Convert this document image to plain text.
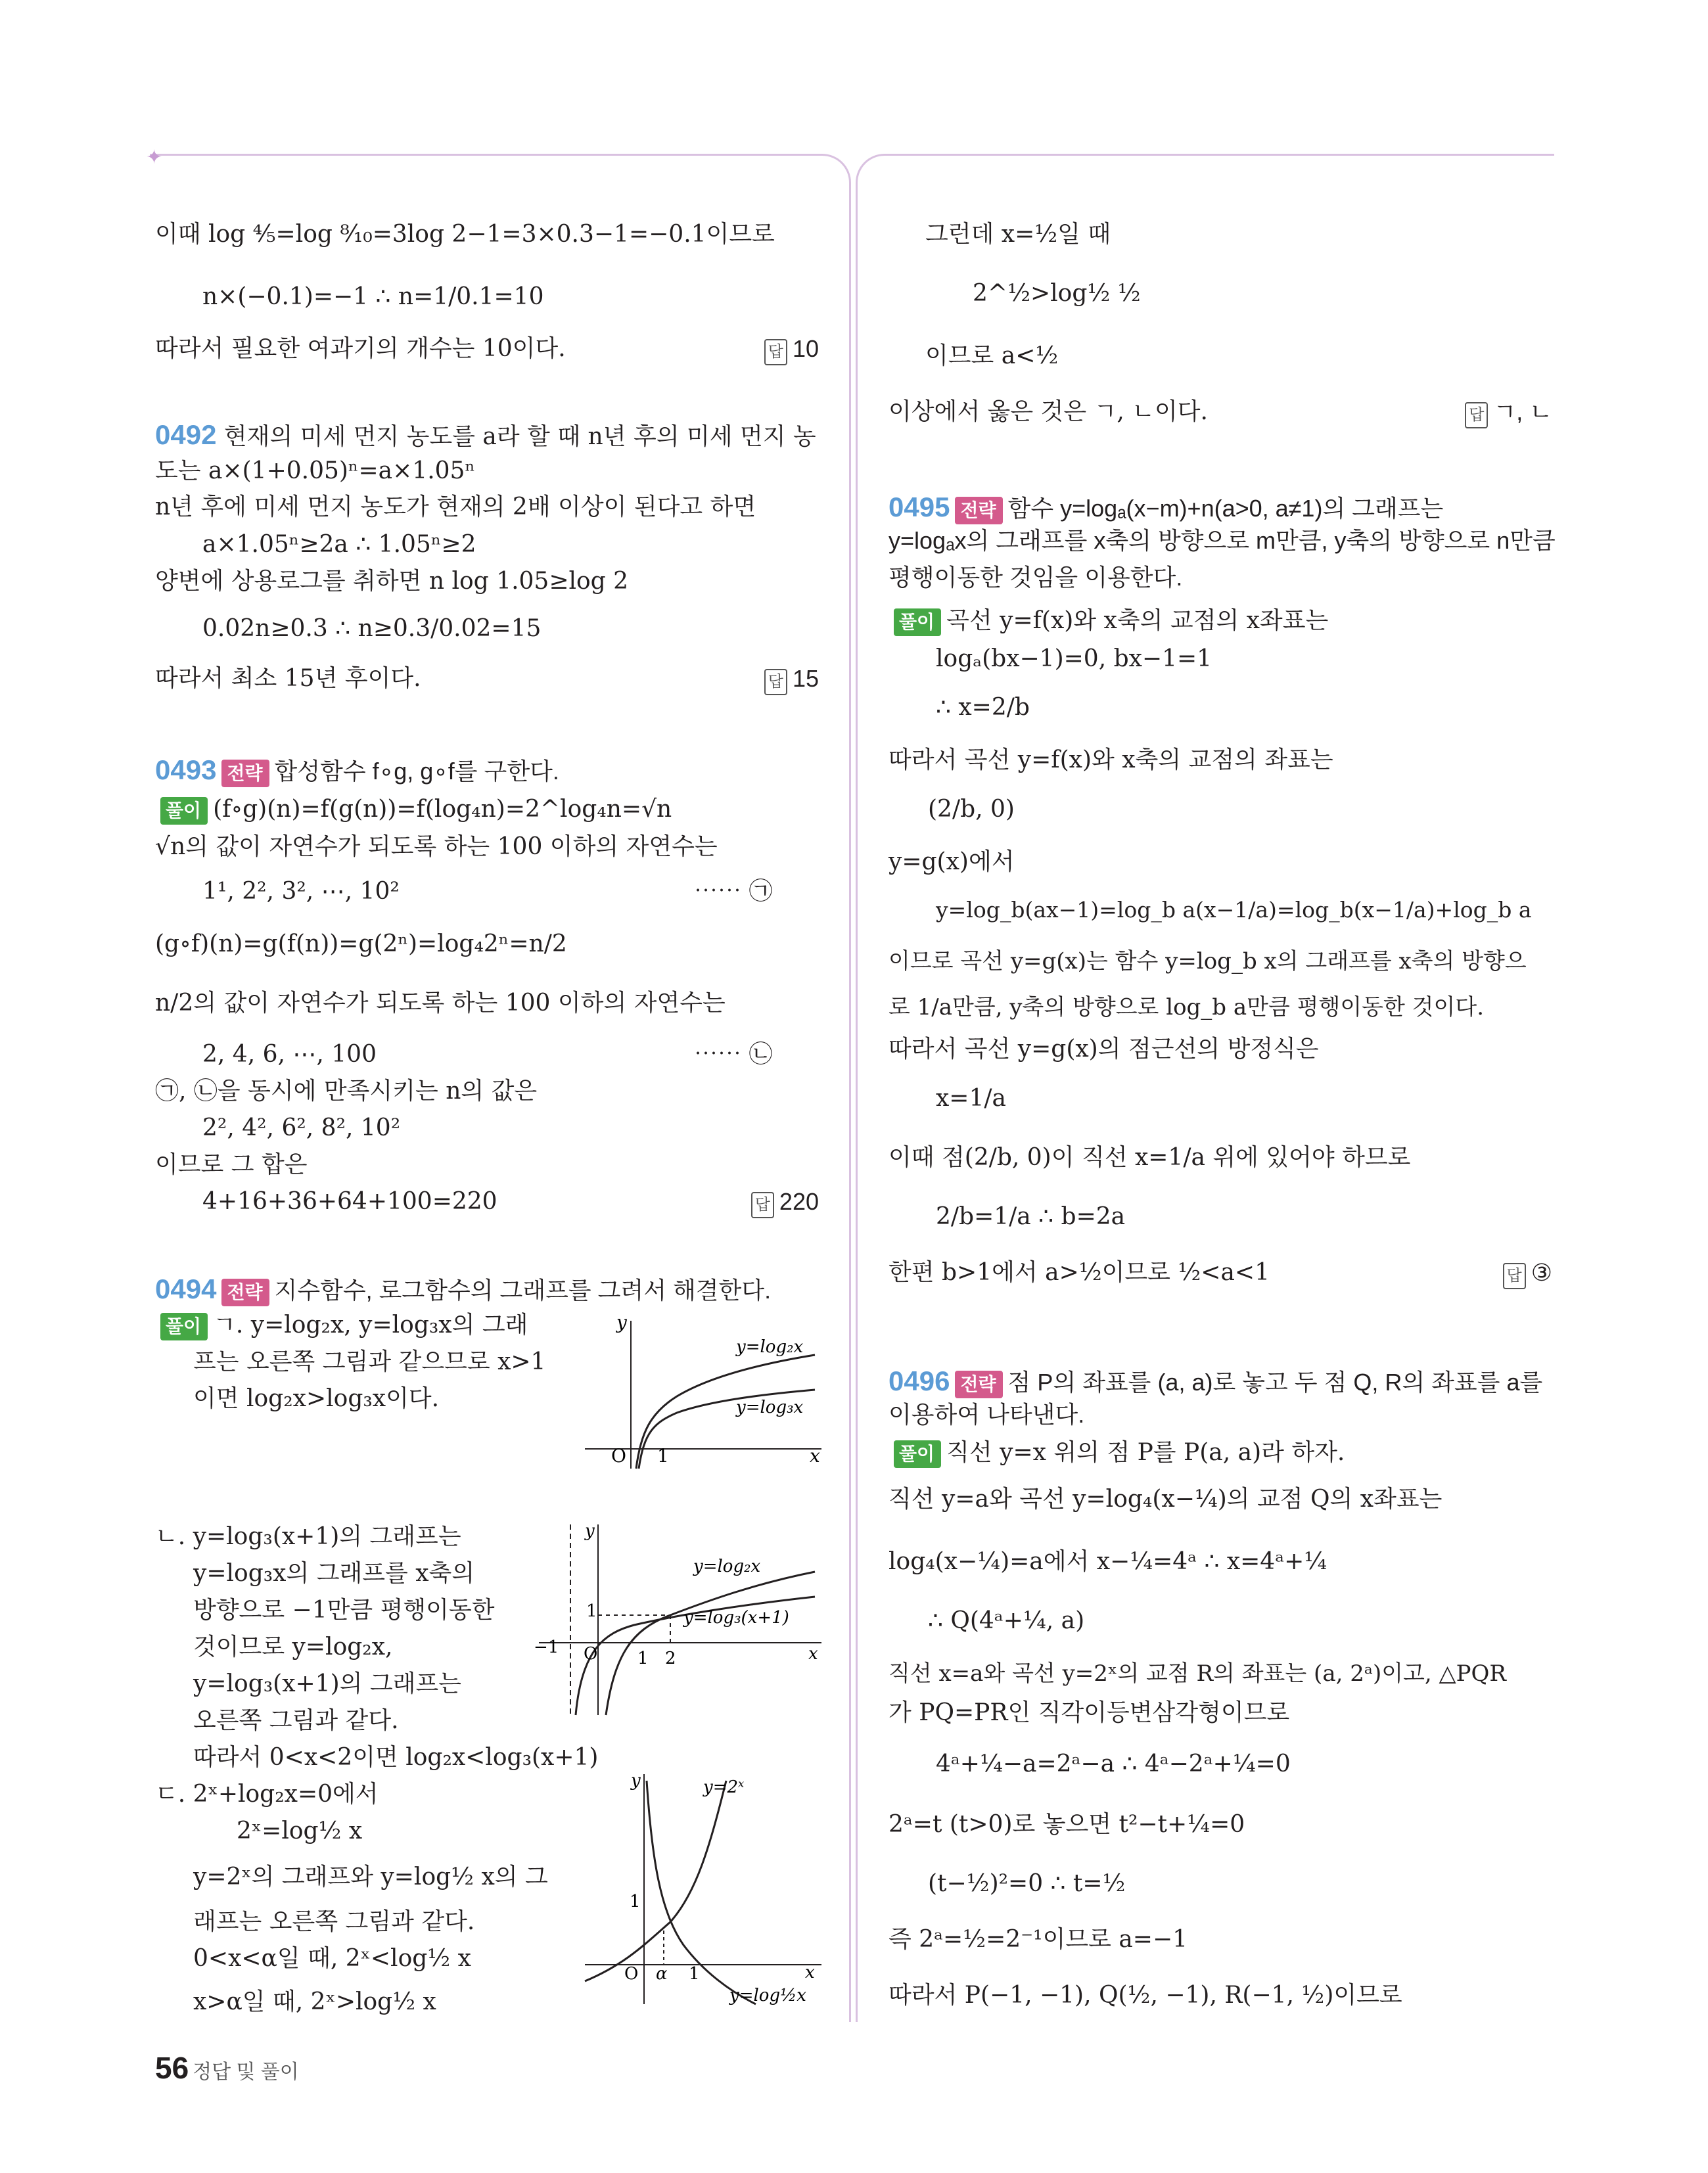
✦
이때 log ⁴⁄₅=log ⁸⁄₁₀=3log 2−1=3×0.3−1=−0.1이므로
n×(−0.1)=−1 ∴ n=1/0.1=10
따라서 필요한 여과기의 개수는 10이다.	답 10
0492 현재의 미세 먼지 농도를 a라 할 때 n년 후의 미세 먼지 농
도는 a×(1+0.05)ⁿ=a×1.05ⁿ
n년 후에 미세 먼지 농도가 현재의 2배 이상이 된다고 하면
a×1.05ⁿ≥2a ∴ 1.05ⁿ≥2
양변에 상용로그를 취하면 n log 1.05≥log 2
0.02n≥0.3 ∴ n≥0.3/0.02=15
따라서 최소 15년 후이다.	답 15
0493 전략 합성함수 f∘g, g∘f를 구한다.
풀이 (f∘g)(n)=f(g(n))=f(log₄n)=2^log₄n=√n
√n의 값이 자연수가 되도록 하는 100 이하의 자연수는
1¹, 2², 3², ⋯, 10²	⋯⋯ ㉠
(g∘f)(n)=g(f(n))=g(2ⁿ)=log₄2ⁿ=n/2
n/2의 값이 자연수가 되도록 하는 100 이하의 자연수는
2, 4, 6, ⋯, 100	⋯⋯ ㉡
㉠, ㉡을 동시에 만족시키는 n의 값은
2², 4², 6², 8², 10²
이므로 그 합은
4+16+36+64+100=220	답 220
0494 전략 지수함수, 로그함수의 그래프를 그려서 해결한다.
풀이 ㄱ. y=log₂x, y=log₃x의 그래
프는 오른쪽 그림과 같으므로 x>1
이면 log₂x>log₃x이다.
ㄴ. y=log₃(x+1)의 그래프는
y=log₃x의 그래프를 x축의
방향으로 −1만큼 평행이동한
것이므로 y=log₂x,
y=log₃(x+1)의 그래프는
오른쪽 그림과 같다.
따라서 0<x<2이면 log₂x<log₃(x+1)
ㄷ. 2ˣ+log₂x=0에서
2ˣ=log½ x
y=2ˣ의 그래프와 y=log½ x의 그
래프는 오른쪽 그림과 같다.
0<x<α일 때, 2ˣ<log½ x
x>α일 때, 2ˣ>log½ x
O 1	x
y
y=log₂x
y=log₃x
−1 O 1 2
1
x
y
y=log₂x
y=log₃(x+1)
O α 1
1
x
y	y=2ˣ
y=log½x
그런데 x=½일 때
2^½>log½ ½
이므로 a<½
이상에서 옳은 것은 ㄱ, ㄴ이다.	답 ㄱ, ㄴ
0495 전략 함수 y=logₐ(x−m)+n(a>0, a≠1)의 그래프는
y=logₐx의 그래프를 x축의 방향으로 m만큼, y축의 방향으로 n만큼
평행이동한 것임을 이용한다.
풀이 곡선 y=f(x)와 x축의 교점의 x좌표는
logₐ(bx−1)=0, bx−1=1
∴ x=2/b
따라서 곡선 y=f(x)와 x축의 교점의 좌표는
(2/b, 0)
y=g(x)에서
y=log_b(ax−1)=log_b a(x−1/a)=log_b(x−1/a)+log_b a
이므로 곡선 y=g(x)는 함수 y=log_b x의 그래프를 x축의 방향으
로 1/a만큼, y축의 방향으로 log_b a만큼 평행이동한 것이다.
따라서 곡선 y=g(x)의 점근선의 방정식은
x=1/a
이때 점(2/b, 0)이 직선 x=1/a 위에 있어야 하므로
2/b=1/a ∴ b=2a
한편 b>1에서 a>½이므로 ½<a<1	답 ③
0496 전략 점 P의 좌표를 (a, a)로 놓고 두 점 Q, R의 좌표를 a를
이용하여 나타낸다.
풀이 직선 y=x 위의 점 P를 P(a, a)라 하자.
직선 y=a와 곡선 y=log₄(x−¼)의 교점 Q의 x좌표는
log₄(x−¼)=a에서 x−¼=4ᵃ ∴ x=4ᵃ+¼
∴ Q(4ᵃ+¼, a)
직선 x=a와 곡선 y=2ˣ의 교점 R의 좌표는 (a, 2ᵃ)이고, △PQR
가 PQ=PR인 직각이등변삼각형이므로
4ᵃ+¼−a=2ᵃ−a ∴ 4ᵃ−2ᵃ+¼=0
2ᵃ=t (t>0)로 놓으면 t²−t+¼=0
(t−½)²=0 ∴ t=½
즉 2ᵃ=½=2⁻¹이므로 a=−1
따라서 P(−1, −1), Q(½, −1), R(−1, ½)이므로
56 정답 및 풀이
